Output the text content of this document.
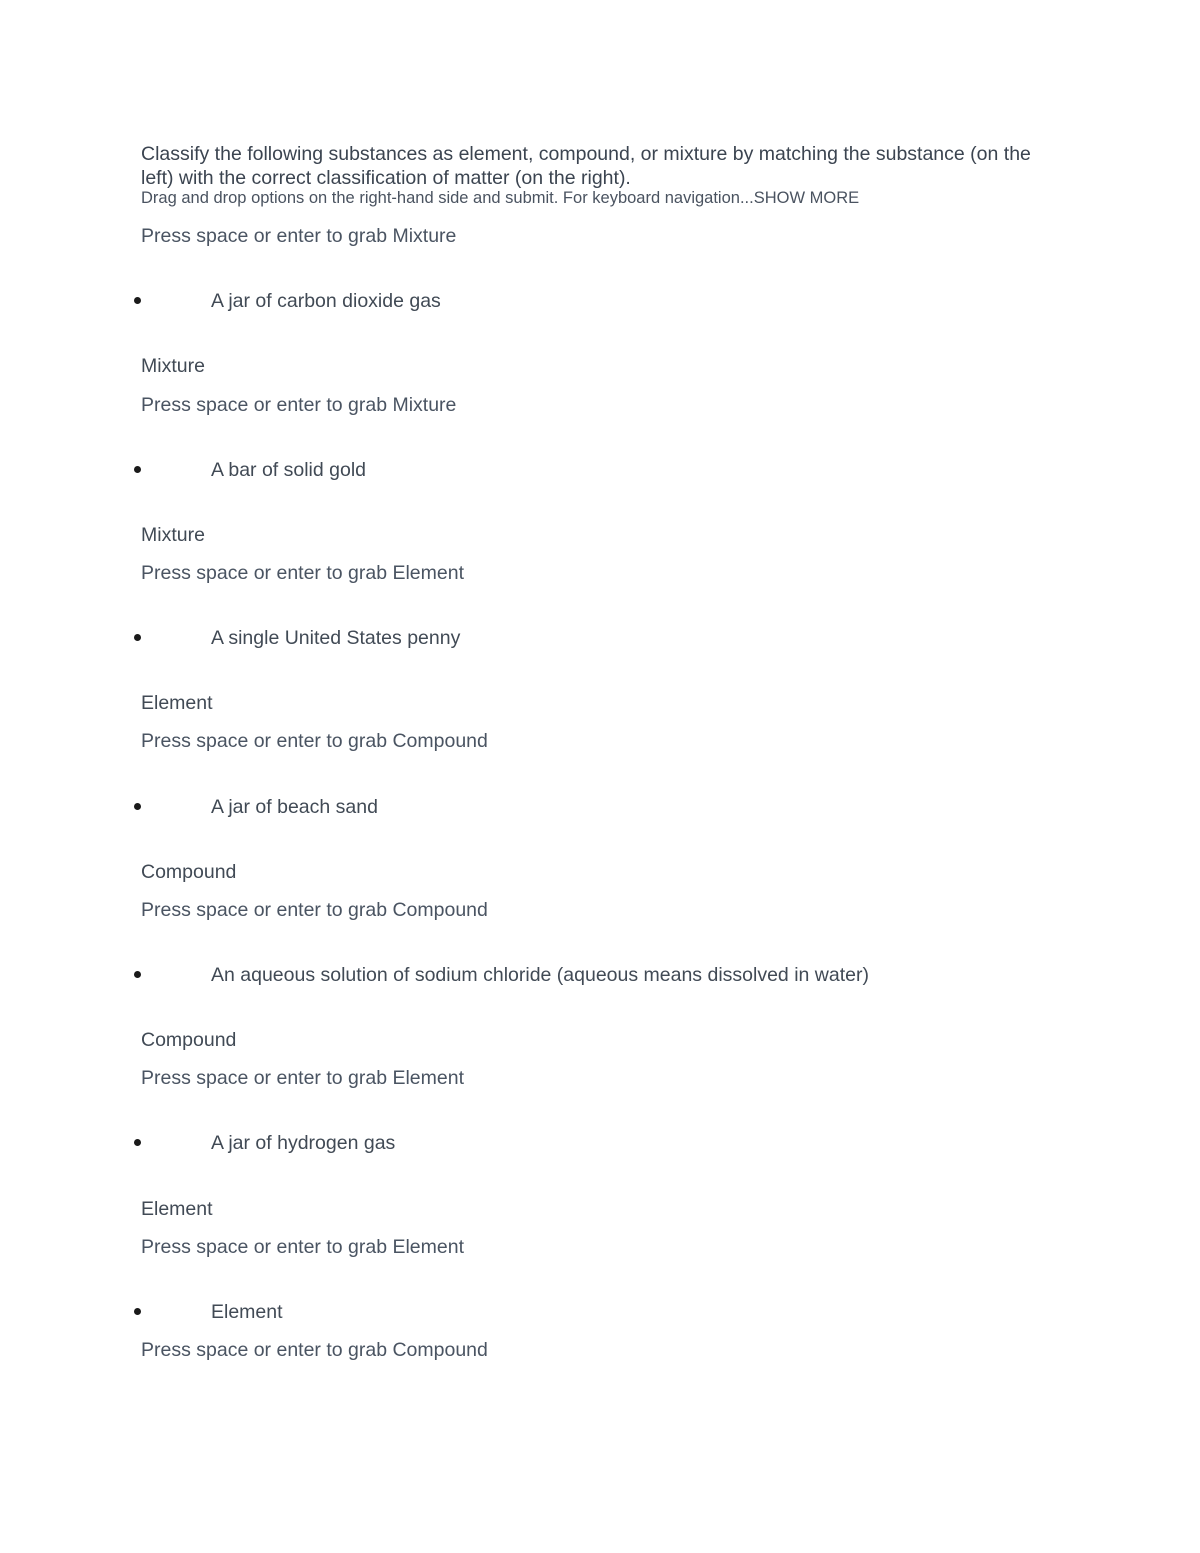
Classify the following substances as element, compound, or mixture by matching the substance (on the left) with the correct classification of matter (on the right).
Drag and drop options on the right-hand side and submit. For keyboard navigation...SHOW MORE
Press space or enter to grab Mixture
A jar of carbon dioxide gas
Mixture
Press space or enter to grab Mixture
A bar of solid gold
Mixture
Press space or enter to grab Element
A single United States penny
Element
Press space or enter to grab Compound
A jar of beach sand
Compound
Press space or enter to grab Compound
An aqueous solution of sodium chloride (aqueous means dissolved in water)
Compound
Press space or enter to grab Element
A jar of hydrogen gas
Element
Press space or enter to grab Element
Element
Press space or enter to grab Compound
